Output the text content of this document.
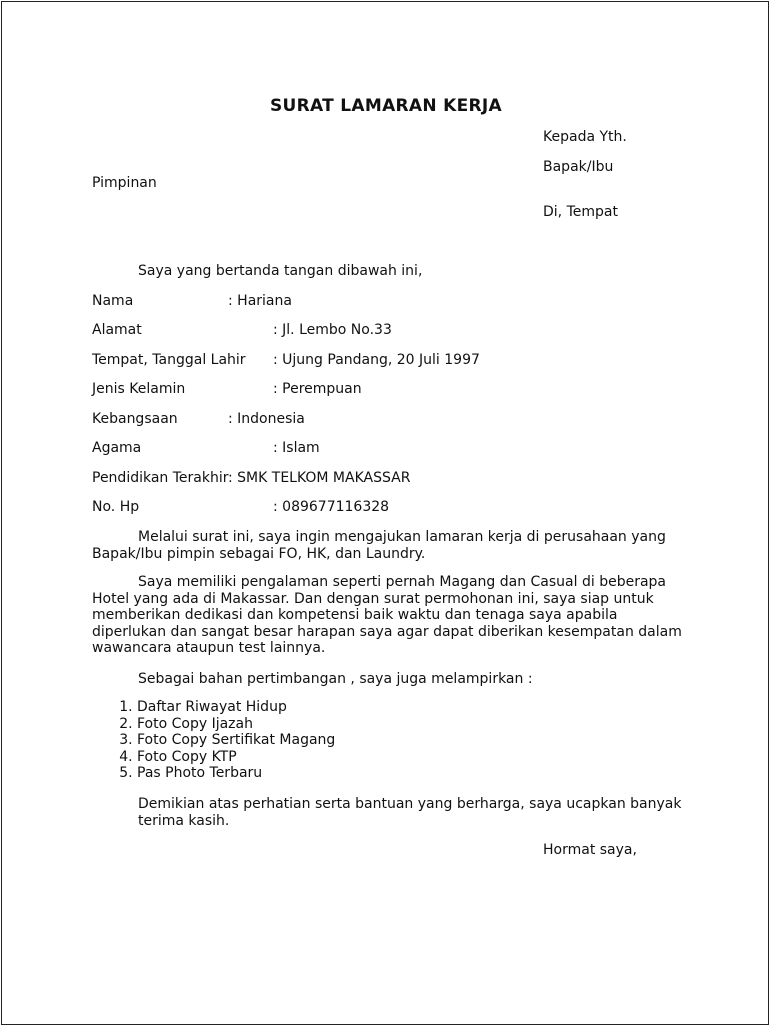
SURAT LAMARAN KERJA
Kepada Yth.
Bapak/Ibu
Pimpinan
Di, Tempat
Saya yang bertanda tangan dibawah ini,
Nama	: Hariana
Alamat	: Jl. Lembo No.33
Tempat, Tanggal Lahir : Ujung Pandang, 20 Juli 1997
Jenis Kelamin	: Perempuan
Kebangsaan	: Indonesia
Agama	: Islam
Pendidikan Terakhir : SMK TELKOM MAKASSAR
No. Hp	: 089677116328
Melalui surat ini, saya ingin mengajukan lamaran kerja di perusahaan yang Bapak/Ibu pimpin sebagai FO, HK, dan Laundry.
Saya memiliki pengalaman seperti pernah Magang dan Casual di beberapa Hotel yang ada di Makassar. Dan dengan surat permohonan ini, saya siap untuk memberikan dedikasi dan kompetensi baik waktu dan tenaga saya apabila diperlukan dan sangat besar harapan saya agar dapat diberikan kesempatan dalam wawancara ataupun test lainnya.
Sebagai bahan pertimbangan , saya juga melampirkan :
1. Daftar Riwayat Hidup
2. Foto Copy Ijazah
3. Foto Copy Sertifikat Magang
4. Foto Copy KTP
5. Pas Photo Terbaru
Demikian atas perhatian serta bantuan yang berharga, saya ucapkan banyak terima kasih.
Hormat saya,
